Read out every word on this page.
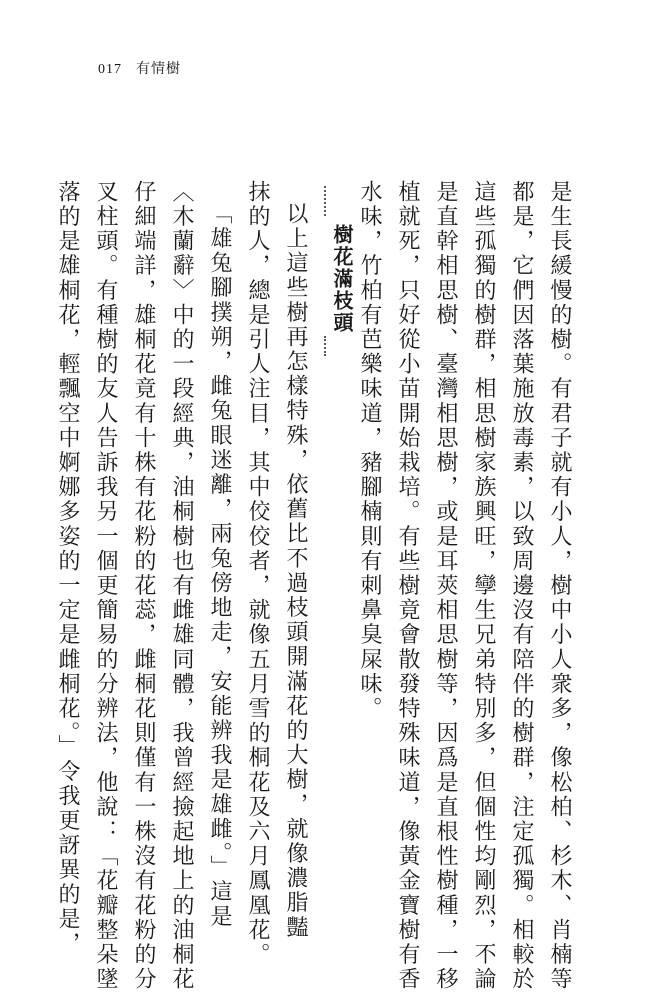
017 有情樹
是生長緩慢的樹。有君子就有小人，樹中小人衆多，像松柏、杉木、肖楠等
都是，它們因落葉施放毒素，以致周邊沒有陪伴的樹群，注定孤獨。相較於
這些孤獨的樹群，相思樹家族興旺，孿生兄弟特別多，但個性均剛烈，不論
是直幹相思樹、臺灣相思樹，或是耳莢相思樹等，因爲是直根性樹種，一移
植就死，只好從小苗開始栽培。有些樹竟會散發特殊味道，像黃金寶樹有香
水味，竹柏有芭樂味道，豬腳楠則有刺鼻臭屎味。
樹花滿枝頭
以上這些樹再怎樣特殊，依舊比不過枝頭開滿花的大樹，就像濃脂豔
抹的人，總是引人注目，其中佼佼者，就像五月雪的桐花及六月鳳凰花。
「雄兔腳撲朔，雌兔眼迷離，兩兔傍地走，安能辨我是雄雌。」這是
〈木蘭辭〉中的一段經典，油桐樹也有雌雄同體，我曾經撿起地上的油桐花
仔細端詳，雄桐花竟有十株有花粉的花蕊，雌桐花則僅有一株沒有花粉的分
叉柱頭。有種樹的友人告訴我另一個更簡易的分辨法，他說：「花瓣整朵墜
落的是雄桐花，輕飄空中婀娜多姿的一定是雌桐花。」令我更訝異的是，
